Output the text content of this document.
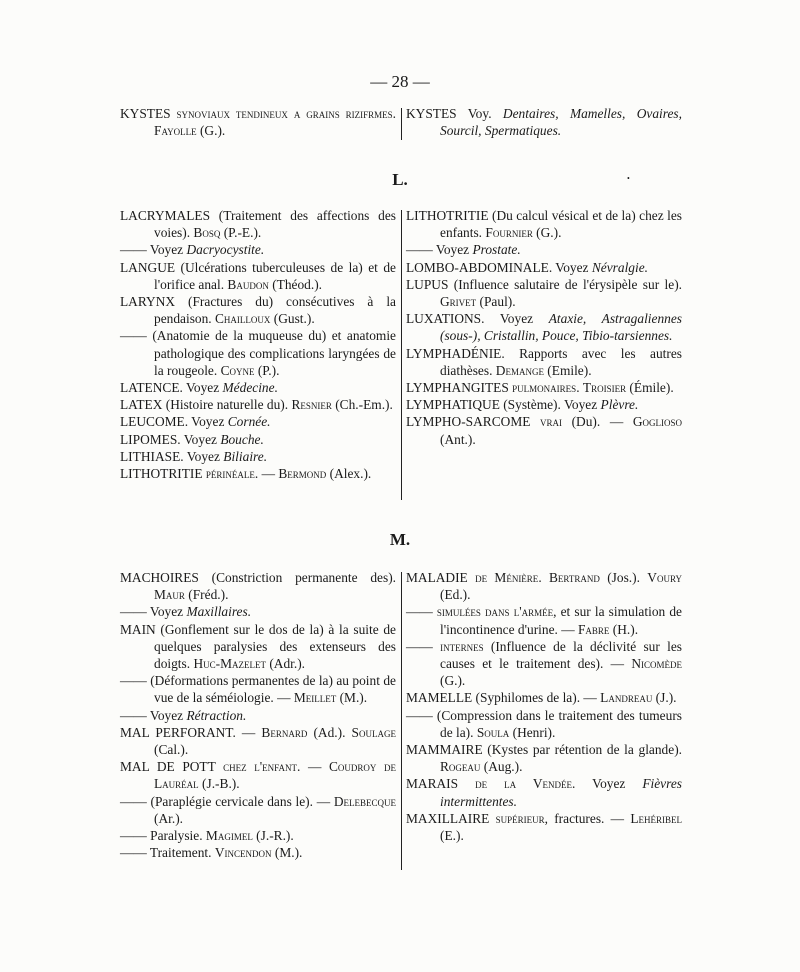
— 28 —
KYSTES synoviaux tendineux a grains rizifrmes. Fayolle (G.).
KYSTES Voy. Dentaires, Mamelles, Ovaires, Sourcil, Spermatiques.
L.	•
LACRYMALES (Traitement des affections des voies). Bosq (P.-E.).
—— Voyez Dacryocystite.
LANGUE (Ulcérations tuberculeuses de la) et de l'orifice anal. Baudon (Théod.).
LARYNX (Fractures du) consécutives à la pendaison. Chailloux (Gust.).
—— (Anatomie de la muqueuse du) et anatomie pathologique des complications laryngées de la rougeole. Coyne (P.).
LATENCE. Voyez Médecine.
LATEX (Histoire naturelle du). Resnier (Ch.-Em.).
LEUCOME. Voyez Cornée.
LIPOMES. Voyez Bouche.
LITHIASE. Voyez Biliaire.
LITHOTRITIE périnéale. — Bermond (Alex.).
LITHOTRITIE (Du calcul vésical et de la) chez les enfants. Fournier (G.).
—— Voyez Prostate.
LOMBO-ABDOMINALE. Voyez Névralgie.
LUPUS (Influence salutaire de l'érysipèle sur le). Grivet (Paul).
LUXATIONS. Voyez Ataxie, Astragaliennes (sous-), Cristallin, Pouce, Tibio-tarsiennes.
LYMPHADÉNIE. Rapports avec les autres diathèses. Demange (Emile).
LYMPHANGITES pulmonaires. Troisier (Émile).
LYMPHATIQUE (Système). Voyez Plèvre.
LYMPHO-SARCOME vrai (Du). — Goglioso (Ant.).
M.
MACHOIRES (Constriction permanente des). Maur (Fréd.).
—— Voyez Maxillaires.
MAIN (Gonflement sur le dos de la) à la suite de quelques paralysies des extenseurs des doigts. Huc-Mazelet (Adr.).
—— (Déformations permanentes de la) au point de vue de la séméiologie. — Meillet (M.).
—— Voyez Rétraction.
MAL PERFORANT. — Bernard (Ad.). Soulage (Cal.).
MAL DE POTT chez l'enfant. — Coudroy de Lauréal (J.-B.).
—— (Paraplégie cervicale dans le). — Delebecque (Ar.).
—— Paralysie. Magimel (J.-R.).
—— Traitement. Vincendon (M.).
MALADIE de Ménière. Bertrand (Jos.). Voury (Ed.).
—— simulées dans l'armée, et sur la simulation de l'incontinence d'urine. — Fabre (H.).
—— internes (Influence de la déclivité sur les causes et le traitement des). — Nicomède (G.).
MAMELLE (Syphilomes de la). — Landreau (J.).
—— (Compression dans le traitement des tumeurs de la). Soula (Henri).
MAMMAIRE (Kystes par rétention de la glande). Rogeau (Aug.).
MARAIS de la Vendée. Voyez Fièvres intermittentes.
MAXILLAIRE supérieur, fractures. — Lehéribel (E.).
